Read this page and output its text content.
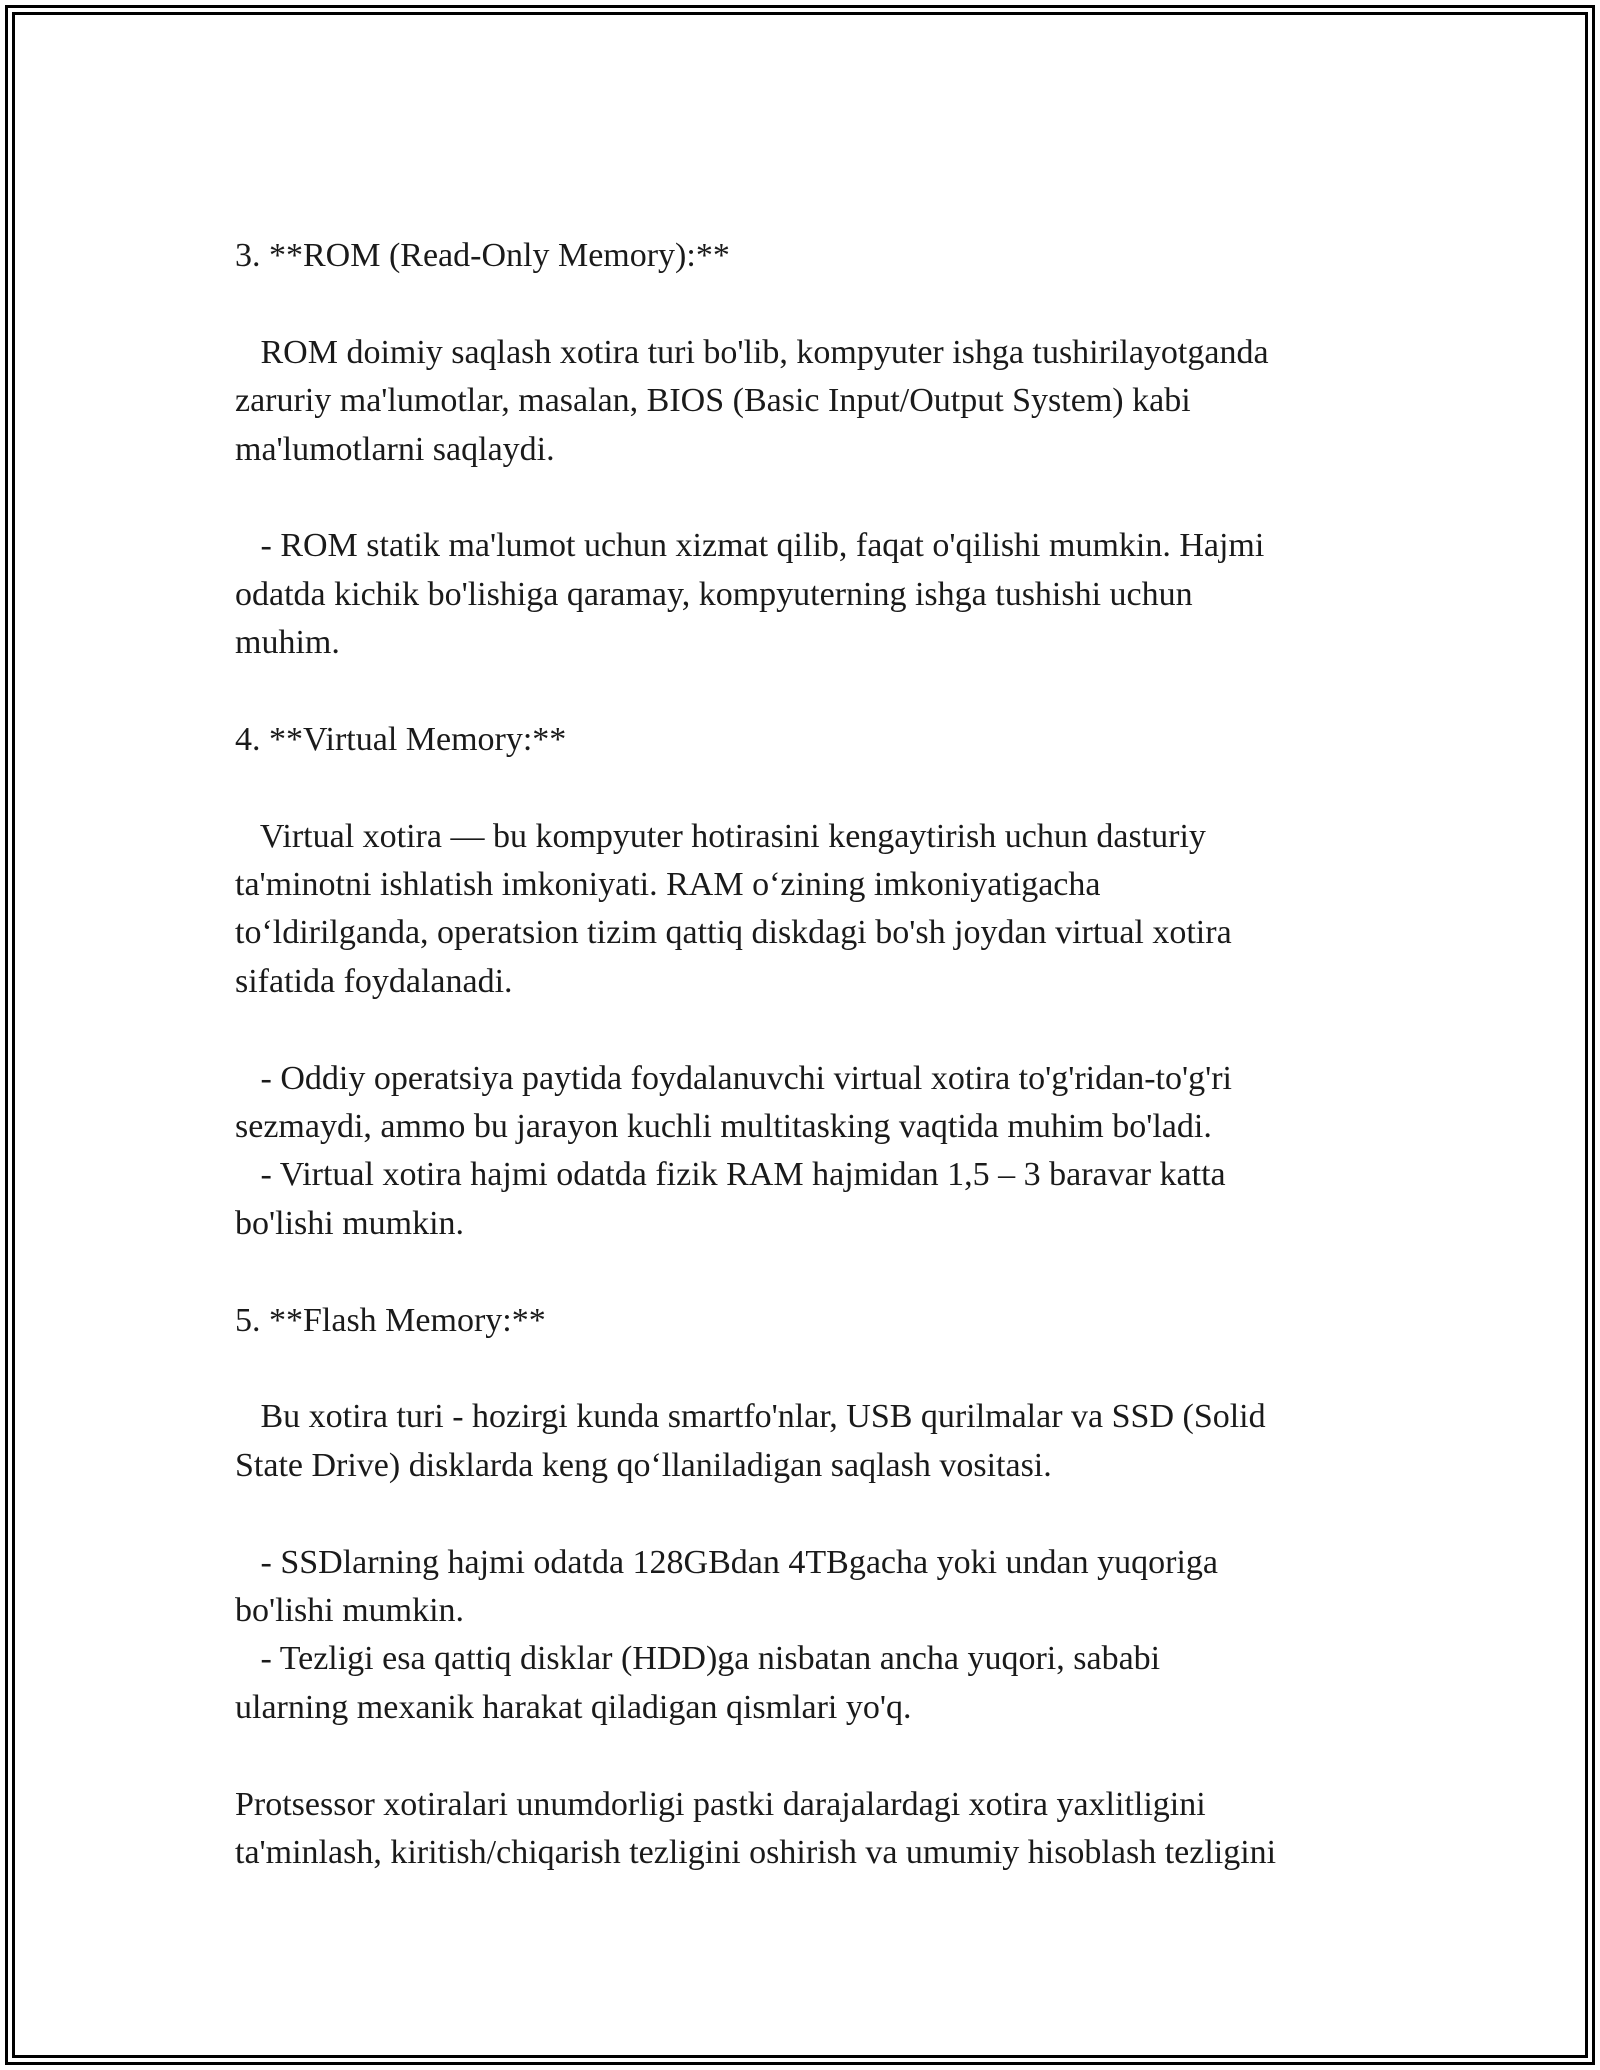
3. **ROM (Read-Only Memory):**
ROM doimiy saqlash xotira turi bo'lib, kompyuter ishga tushirilayotganda
zaruriy ma'lumotlar, masalan, BIOS (Basic Input/Output System) kabi
ma'lumotlarni saqlaydi.
- ROM statik ma'lumot uchun xizmat qilib, faqat o'qilishi mumkin. Hajmi
odatda kichik bo'lishiga qaramay, kompyuterning ishga tushishi uchun
muhim.
4. **Virtual Memory:**
Virtual xotira — bu kompyuter hotirasini kengaytirish uchun dasturiy
ta'minotni ishlatish imkoniyati. RAM o‘zining imkoniyatigacha
to‘ldirilganda, operatsion tizim qattiq diskdagi bo'sh joydan virtual xotira
sifatida foydalanadi.
- Oddiy operatsiya paytida foydalanuvchi virtual xotira to'g'ridan-to'g'ri
sezmaydi, ammo bu jarayon kuchli multitasking vaqtida muhim bo'ladi.
- Virtual xotira hajmi odatda fizik RAM hajmidan 1,5 – 3 baravar katta
bo'lishi mumkin.
5. **Flash Memory:**
Bu xotira turi - hozirgi kunda smartfo'nlar, USB qurilmalar va SSD (Solid
State Drive) disklarda keng qo‘llaniladigan saqlash vositasi.
- SSDlarning hajmi odatda 128GBdan 4TBgacha yoki undan yuqoriga
bo'lishi mumkin.
- Tezligi esa qattiq disklar (HDD)ga nisbatan ancha yuqori, sababi
ularning mexanik harakat qiladigan qismlari yo'q.
Protsessor xotiralari unumdorligi pastki darajalardagi xotira yaxlitligini
ta'minlash, kiritish/chiqarish tezligini oshirish va umumiy hisoblash tezligini
